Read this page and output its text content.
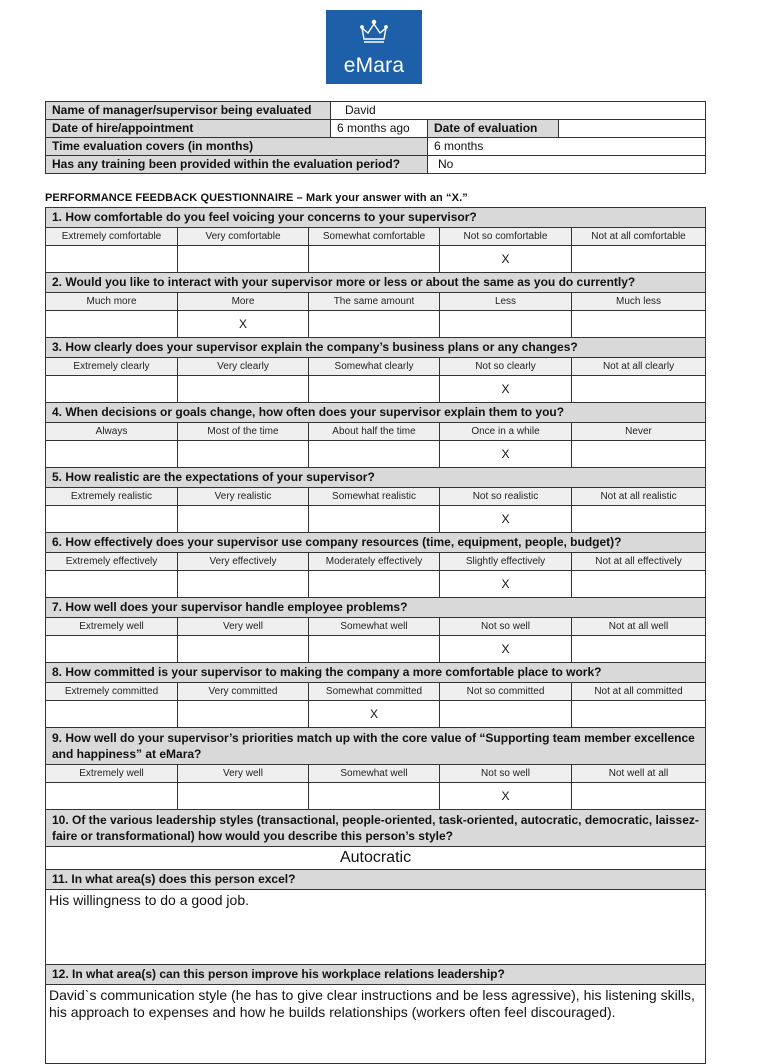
eMara
Name of manager/supervisor being evaluated	David		
Date of hire/appointment	6 months ago	Date of evaluation	
Time evaluation covers (in months)		6 months	
Has any training been provided within the evaluation period?		No	
PERFORMANCE FEEDBACK QUESTIONNAIRE – Mark your answer with an “X.”
1. How comfortable do you feel voicing your concerns to your supervisor?				
Extremely comfortable	Very comfortable	Somewhat comfortable	Not so comfortable	Not at all comfortable
			X	
2. Would you like to interact with your supervisor more or less or about the same as you do currently?				
Much more	More	The same amount	Less	Much less
	X			
3. How clearly does your supervisor explain the company’s business plans or any changes?				
Extremely clearly	Very clearly	Somewhat clearly	Not so clearly	Not at all clearly
			X	
4. When decisions or goals change, how often does your supervisor explain them to you?				
Always	Most of the time	About half the time	Once in a while	Never
			X	
5. How realistic are the expectations of your supervisor?				
Extremely realistic	Very realistic	Somewhat realistic	Not so realistic	Not at all realistic
			X	
6. How effectively does your supervisor use company resources (time, equipment, people, budget)?				
Extremely effectively	Very effectively	Moderately effectively	Slightly effectively	Not at all effectively
			X	
7. How well does your supervisor handle employee problems?				
Extremely well	Very well	Somewhat well	Not so well	Not at all well
			X	
8. How committed is your supervisor to making the company a more comfortable place to work?				
Extremely committed	Very committed	Somewhat committed	Not so committed	Not at all committed
		X		
9. How well do your supervisor’s priorities match up with the core value of “Supporting team member excellence and happiness” at eMara?				
Extremely well	Very well	Somewhat well	Not so well	Not well at all
			X	
10. Of the various leadership styles (transactional, people-oriented, task-oriented, autocratic, democratic, laissez-faire or transformational) how would you describe this person’s style?				
Autocratic				
11. In what area(s) does this person excel?				
His willingness to do a good job.				
12. In what area(s) can this person improve his workplace relations leadership?				
David`s communication style (he has to give clear instructions and be less agressive), his listening skills, his approach to expenses and how he builds relationships (workers often feel discouraged).				
